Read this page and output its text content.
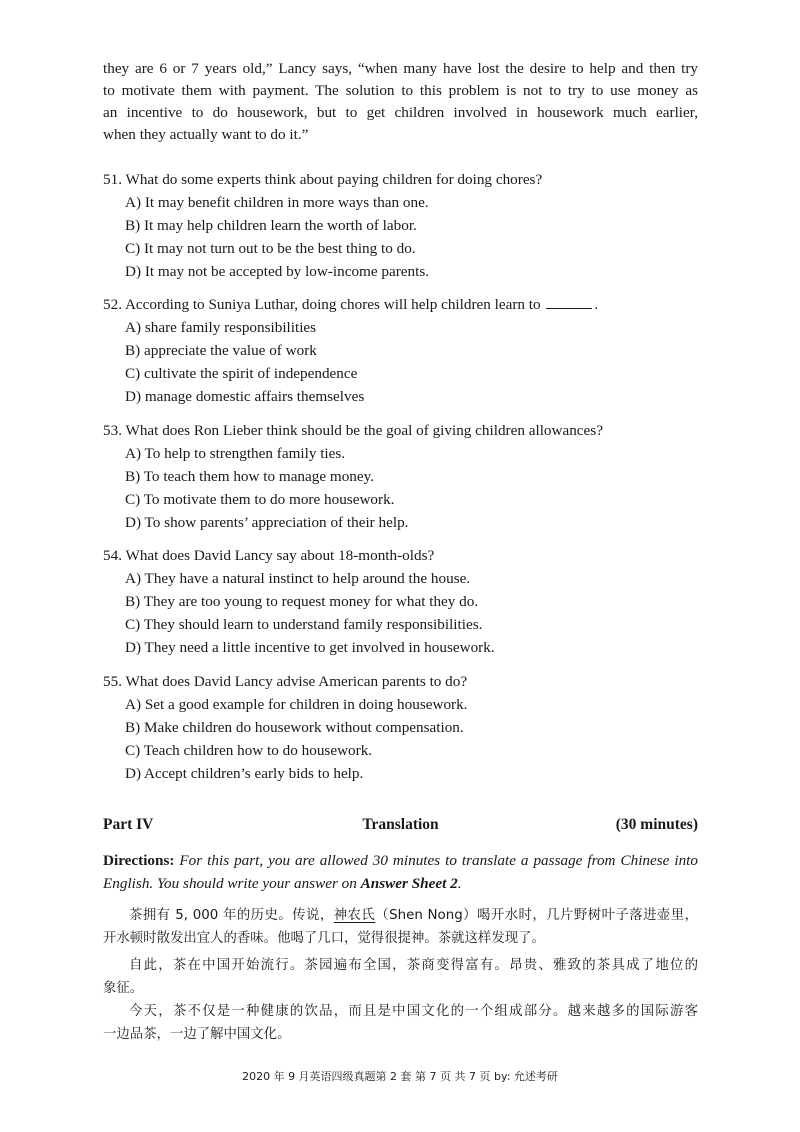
they are 6 or 7 years old,” Lancy says, “when many have lost the desire to help and then try
to motivate them with payment. The solution to this problem is not to try to use money as
an incentive to do housework, but to get children involved in housework much earlier,
when they actually want to do it.”
51. What do some experts think about paying children for doing chores?
A) It may benefit children in more ways than one.
B) It may help children learn the worth of labor.
C) It may not turn out to be the best thing to do.
D) It may not be accepted by low-income parents.
52. According to Suniya Luthar, doing chores will help children learn to	.
A) share family responsibilities
B) appreciate the value of work
C) cultivate the spirit of independence
D) manage domestic affairs themselves
53. What does Ron Lieber think should be the goal of giving children allowances?
A) To help to strengthen family ties.
B) To teach them how to manage money.
C) To motivate them to do more housework.
D) To show parents’ appreciation of their help.
54. What does David Lancy say about 18-month-olds?
A) They have a natural instinct to help around the house.
B) They are too young to request money for what they do.
C) They should learn to understand family responsibilities.
D) They need a little incentive to get involved in housework.
55. What does David Lancy advise American parents to do?
A) Set a good example for children in doing housework.
B) Make children do housework without compensation.
C) Teach children how to do housework.
D) Accept children’s early bids to help.
Part IV	Translation	(30 minutes)
Directions: For this part, you are allowed 30 minutes to translate a passage from Chinese into
English. You should write your answer on Answer Sheet 2.
茶拥有 5, 000 年的历史。传说，神农氏（Shen Nong）喝开水时，几片野树叶子落进壶里，
开水顿时散发出宜人的香味。他喝了几口，觉得很提神。茶就这样发现了。
自此，茶在中国开始流行。茶园遍布全国，茶商变得富有。昂贵、雅致的茶具成了地位的
象征。
今天，茶不仅是一种健康的饮品，而且是中国文化的一个组成部分。越来越多的国际游客
一边品茶，一边了解中国文化。
2020 年 9 月英语四级真题第 2 套 第 7 页 共 7 页 by: 允述考研
